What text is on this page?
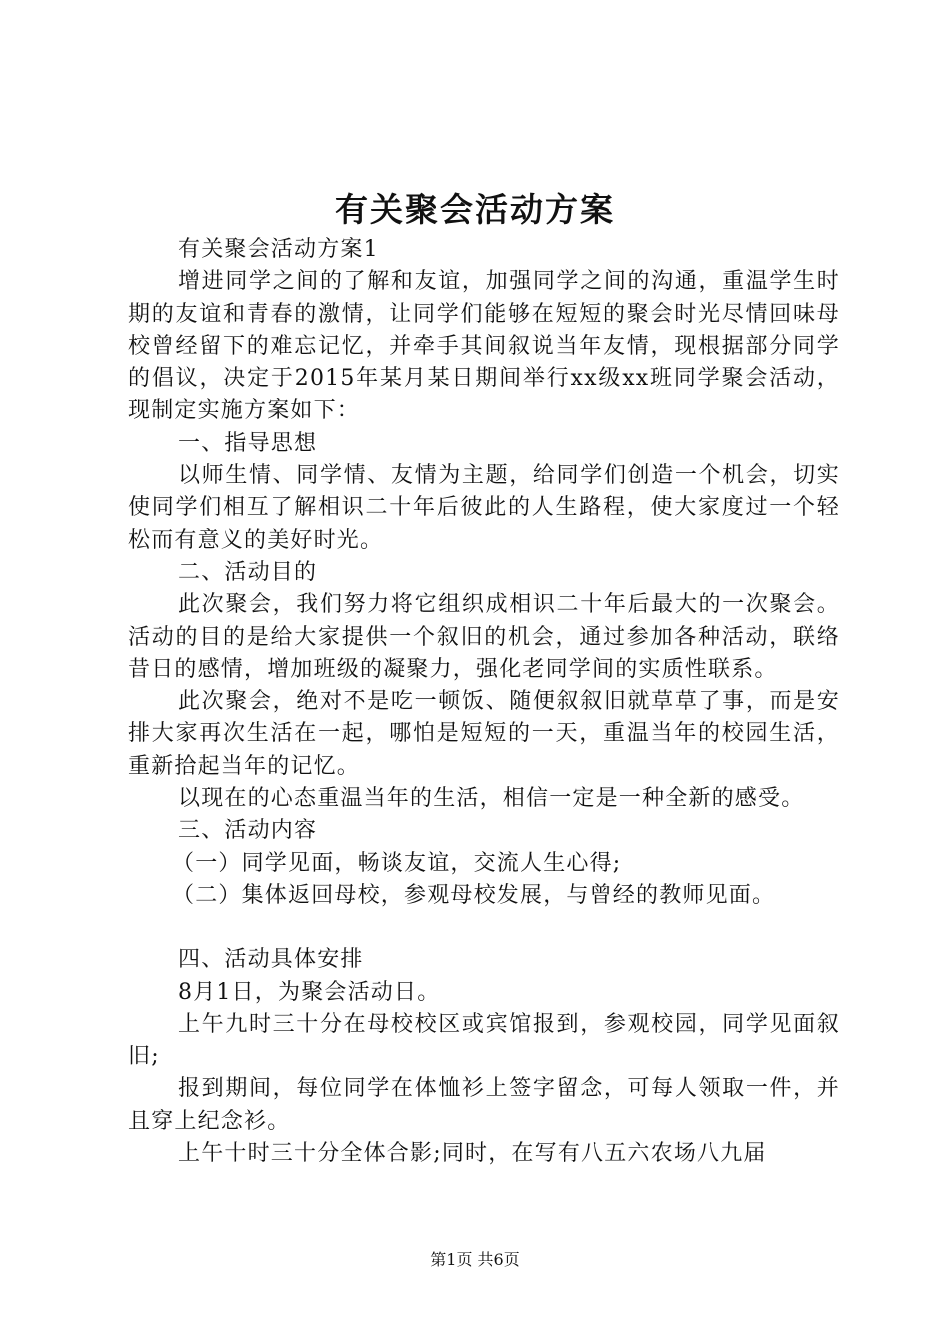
有关聚会活动方案

有关聚会活动方案1

增进同学之间的了解和友谊，加强同学之间的沟通，重温学生时期的友谊和青春的激情，让同学们能够在短短的聚会时光尽情回味母校曾经留下的难忘记忆，并牵手其间叙说当年友情，现根据部分同学的倡议，决定于2015年某月某日期间举行xx级xx班同学聚会活动，现制定实施方案如下：

一、指导思想

以师生情、同学情、友情为主题，给同学们创造一个机会，切实使同学们相互了解相识二十年后彼此的人生路程，使大家度过一个轻松而有意义的美好时光。

二、活动目的

此次聚会，我们努力将它组织成相识二十年后最大的一次聚会。活动的目的是给大家提供一个叙旧的机会，通过参加各种活动，联络昔日的感情，增加班级的凝聚力，强化老同学间的实质性联系。

此次聚会，绝对不是吃一顿饭、随便叙叙旧就草草了事，而是安排大家再次生活在一起，哪怕是短短的一天，重温当年的校园生活，重新拾起当年的记忆。

以现在的心态重温当年的生活，相信一定是一种全新的感受。

三、活动内容

（一）同学见面，畅谈友谊，交流人生心得;

（二）集体返回母校，参观母校发展，与曾经的教师见面。

四、活动具体安排

8月1日，为聚会活动日。

上午九时三十分在母校校区或宾馆报到，参观校园，同学见面叙旧;

报到期间，每位同学在体恤衫上签字留念，可每人领取一件，并且穿上纪念衫。

上午十时三十分全体合影;同时，在写有八五六农场八九届

第1页 共6页
